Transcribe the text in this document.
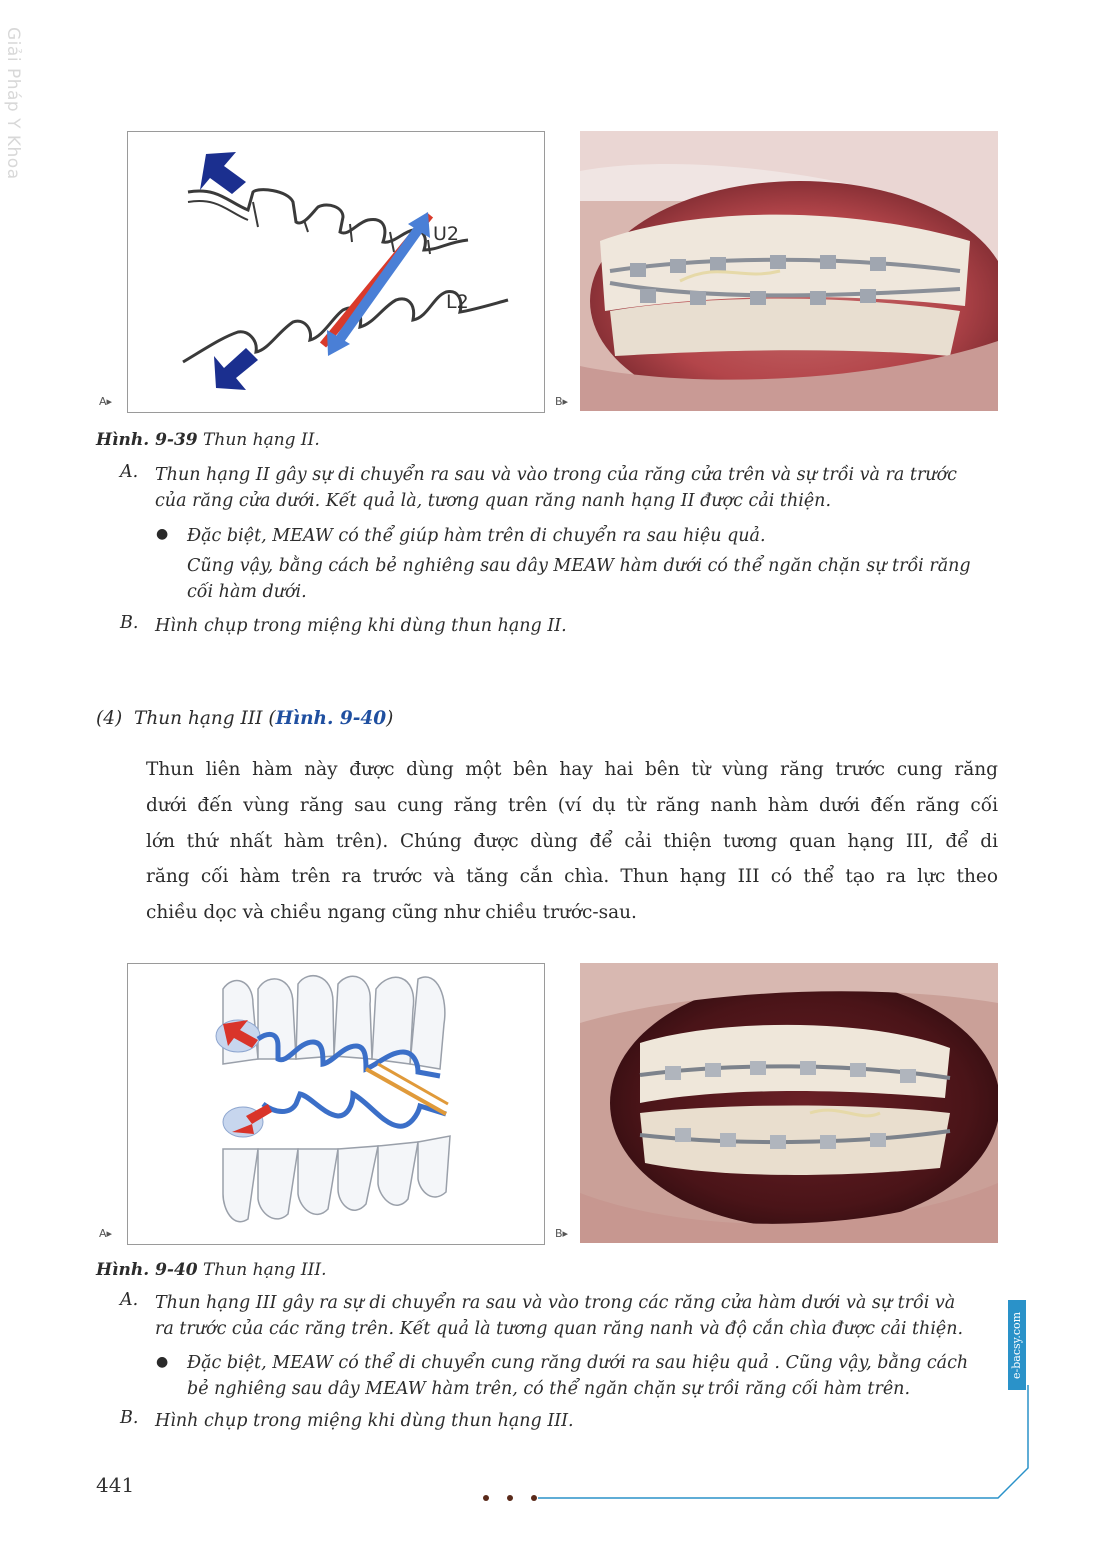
Giải Pháp Y Khoa
U2
L2
A▸	B▸
Hình. 9-39 Thun hạng II.
A. Thun hạng II gây sự di chuyển ra sau và vào trong của răng cửa trên và sự trồi và ra trước
của răng cửa dưới. Kết quả là, tương quan răng nanh hạng II được cải thiện.
● Đặc biệt, MEAW có thể giúp hàm trên di chuyển ra sau hiệu quả.
Cũng vậy, bằng cách bẻ nghiêng sau dây MEAW hàm dưới có thể ngăn chặn sự trồi răng
cối hàm dưới.
B. Hình chụp trong miệng khi dùng thun hạng II.
(4) Thun hạng III (Hình. 9-40)
Thun liên hàm này được dùng một bên hay hai bên từ vùng răng trước cung răng
dưới đến vùng răng sau cung răng trên (ví dụ từ răng nanh hàm dưới đến răng cối
lớn thứ nhất hàm trên). Chúng được dùng để cải thiện tương quan hạng III, để di
răng cối hàm trên ra trước và tăng cắn chìa. Thun hạng III có thể tạo ra lực theo
chiều dọc và chiều ngang cũng như chiều trước-sau.
A▸	B▸
Hình. 9-40 Thun hạng III.
A. Thun hạng III gây ra sự di chuyển ra sau và vào trong các răng cửa hàm dưới và sự trồi và
ra trước của các răng trên. Kết quả là tương quan răng nanh và độ cắn chìa được cải thiện.
● Đặc biệt, MEAW có thể di chuyển cung răng dưới ra sau hiệu quả . Cũng vậy, bằng cách
bẻ nghiêng sau dây MEAW hàm trên, có thể ngăn chặn sự trồi răng cối hàm trên.
B. Hình chụp trong miệng khi dùng thun hạng III.
e-bacsy.com
441
